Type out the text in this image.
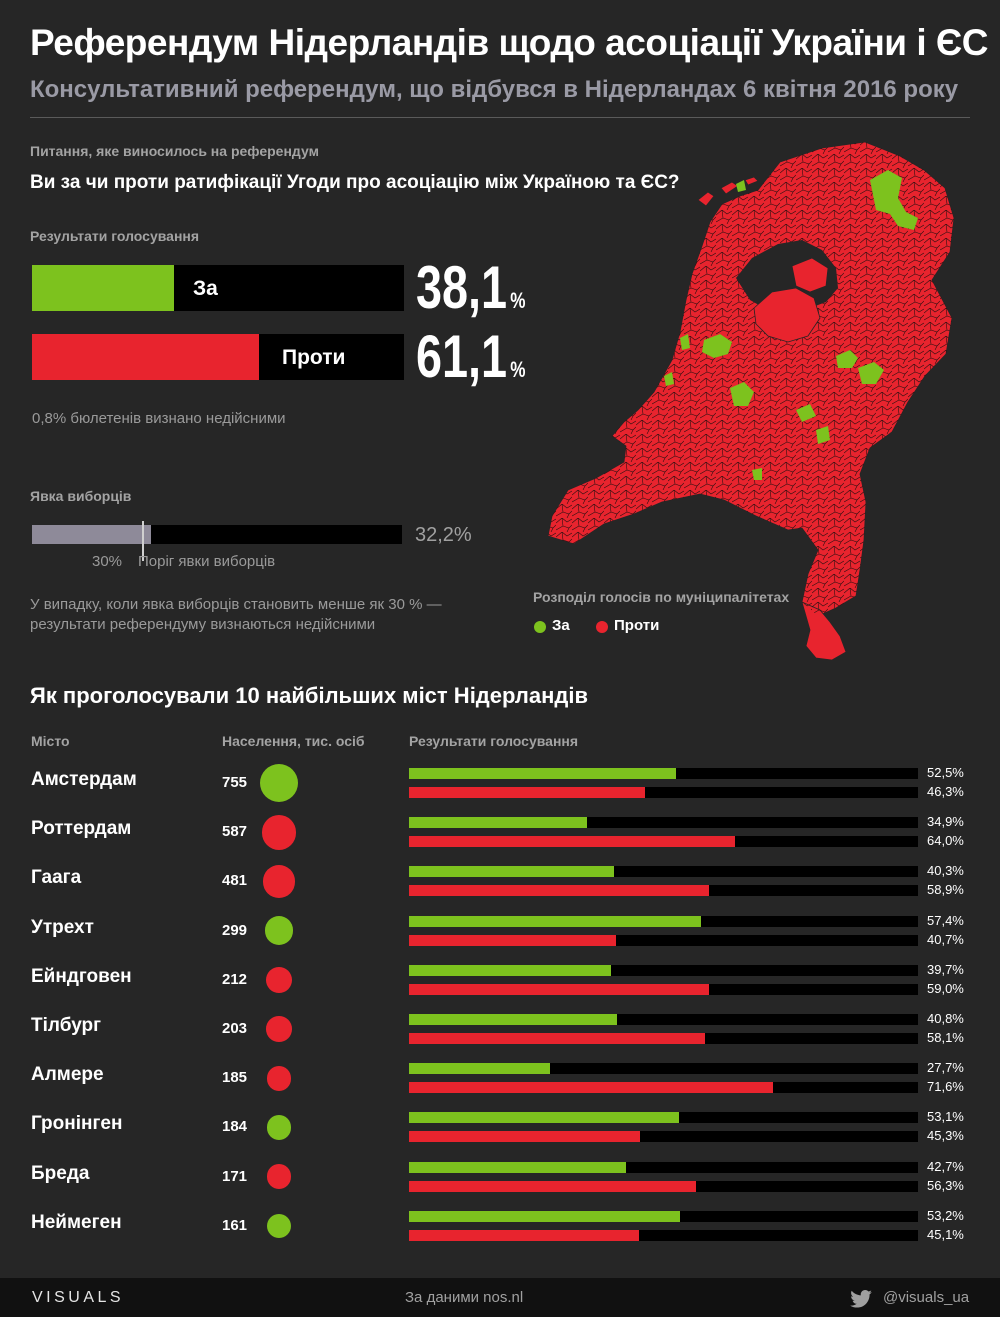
Референдум Нідерландів щодо асоціації України і ЄС
Консультативний референдум, що відбувся в Нідерландах 6 квітня 2016 року
Питання, яке виносилось на референдум
Ви за чи проти ратифікації Угоди про асоціацію між Україною та ЄС?
Результати голосування
За	38,1 %
Проти 61,1 %
0,8% бюлетенів визнано недійсними
Явка виборців
32,2%
30% Поріг явки виборців
У випадку, коли явка виборців становить менше як 30 % — результати референдуму визнаються недійсними
Розподіл голосів по муніципалітетах
За	Проти
Як проголосували 10 найбільших міст Нідерландів
Місто	Населення, тис. осіб	Результати голосування
Амстердам	755
52,5%
46,3%
Роттердам	587
34,9%
64,0%
Гаага	481
40,3%
58,9%
Утрехт	299
57,4%
40,7%
Ейндговен	212
39,7%
59,0%
Тілбург	203
40,8%
58,1%
Алмере	185
27,7%
71,6%
Гронінген	184
53,1%
45,3%
Бреда	171
42,7%
56,3%
Неймеген	161
53,2%
45,1%
VISUALS	За даними nos.nl	@visuals_ua
